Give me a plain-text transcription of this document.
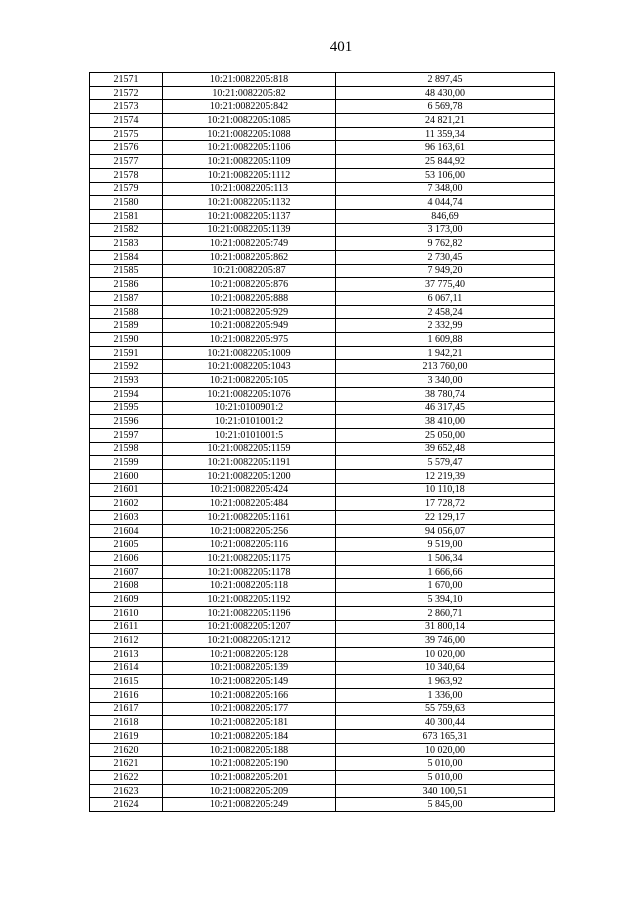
401
21571	10:21:0082205:818	2 897,45
21572	10:21:0082205:82	48 430,00
21573	10:21:0082205:842	6 569,78
21574	10:21:0082205:1085	24 821,21
21575	10:21:0082205:1088	11 359,34
21576	10:21:0082205:1106	96 163,61
21577	10:21:0082205:1109	25 844,92
21578	10:21:0082205:1112	53 106,00
21579	10:21:0082205:113	7 348,00
21580	10:21:0082205:1132	4 044,74
21581	10:21:0082205:1137	846,69
21582	10:21:0082205:1139	3 173,00
21583	10:21:0082205:749	9 762,82
21584	10:21:0082205:862	2 730,45
21585	10:21:0082205:87	7 949,20
21586	10:21:0082205:876	37 775,40
21587	10:21:0082205:888	6 067,11
21588	10:21:0082205:929	2 458,24
21589	10:21:0082205:949	2 332,99
21590	10:21:0082205:975	1 609,88
21591	10:21:0082205:1009	1 942,21
21592	10:21:0082205:1043	213 760,00
21593	10:21:0082205:105	3 340,00
21594	10:21:0082205:1076	38 780,74
21595	10:21:0100901:2	46 317,45
21596	10:21:0101001:2	38 410,00
21597	10:21:0101001:5	25 050,00
21598	10:21:0082205:1159	39 652,48
21599	10:21:0082205:1191	5 579,47
21600	10:21:0082205:1200	12 219,39
21601	10:21:0082205:424	10 110,18
21602	10:21:0082205:484	17 728,72
21603	10:21:0082205:1161	22 129,17
21604	10:21:0082205:256	94 056,07
21605	10:21:0082205:116	9 519,00
21606	10:21:0082205:1175	1 506,34
21607	10:21:0082205:1178	1 666,66
21608	10:21:0082205:118	1 670,00
21609	10:21:0082205:1192	5 394,10
21610	10:21:0082205:1196	2 860,71
21611	10:21:0082205:1207	31 800,14
21612	10:21:0082205:1212	39 746,00
21613	10:21:0082205:128	10 020,00
21614	10:21:0082205:139	10 340,64
21615	10:21:0082205:149	1 963,92
21616	10:21:0082205:166	1 336,00
21617	10:21:0082205:177	55 759,63
21618	10:21:0082205:181	40 300,44
21619	10:21:0082205:184	673 165,31
21620	10:21:0082205:188	10 020,00
21621	10:21:0082205:190	5 010,00
21622	10:21:0082205:201	5 010,00
21623	10:21:0082205:209	340 100,51
21624	10:21:0082205:249	5 845,00
